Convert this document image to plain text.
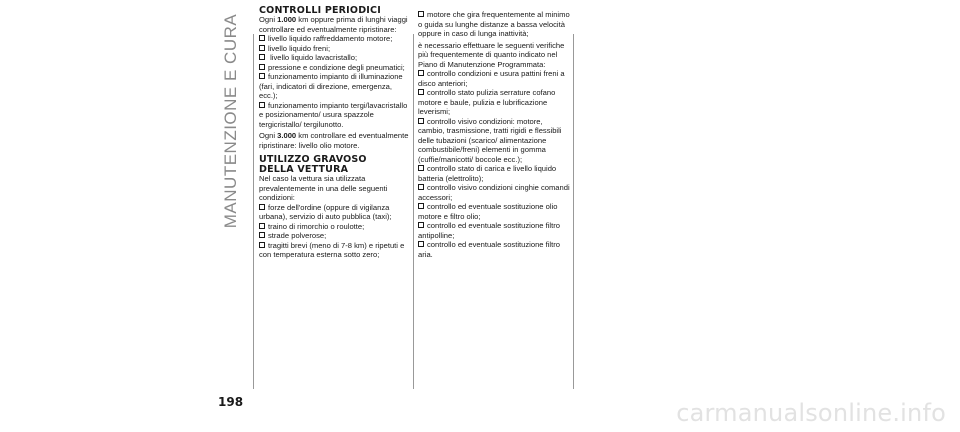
MANUTENZIONE E CURA

CONTROLLI PERIODICI

Ogni 1.000 km oppure prima di lunghi viaggi controllare ed eventualmente ripristinare:

livello liquido raffreddamento motore;

livello liquido freni;

livello liquido lavacristallo;

pressione e condizione degli pneumatici;

funzionamento impianto di illuminazione (fari, indicatori di direzione, emergenza, ecc.);

funzionamento impianto tergi/lavacristallo e posizionamento/ usura spazzole tergicristallo/ tergilunotto.

Ogni 3.000 km controllare ed eventualmente ripristinare: livello olio motore.

UTILIZZO GRAVOSO
DELLA VETTURA

Nel caso la vettura sia utilizzata prevalentemente in una delle seguenti condizioni:

forze dell'ordine (oppure di vigilanza urbana), servizio di auto pubblica (taxi);

traino di rimorchio o roulotte;

strade polverose;

tragitti brevi (meno di 7-8 km) e ripetuti e con temperatura esterna sotto zero;

motore che gira frequentemente al minimo o guida su lunghe distanze a bassa velocità oppure in caso di lunga inattività;

è necessario effettuare le seguenti verifiche più frequentemente di quanto indicato nel Piano di Manutenzione Programmata:

controllo condizioni e usura pattini freni a disco anteriori;

controllo stato pulizia serrature cofano motore e baule, pulizia e lubrificazione leverismi;

controllo visivo condizioni: motore, cambio, trasmissione, tratti rigidi e flessibili delle tubazioni (scarico/ alimentazione combustibile/freni) elementi in gomma (cuffie/manicotti/ boccole ecc.);

controllo stato di carica e livello liquido batteria (elettrolito);

controllo visivo condizioni cinghie comandi accessori;

controllo ed eventuale sostituzione olio motore e filtro olio;

controllo ed eventuale sostituzione filtro antipolline;

controllo ed eventuale sostituzione filtro aria.

198	carmanualsonline.info
